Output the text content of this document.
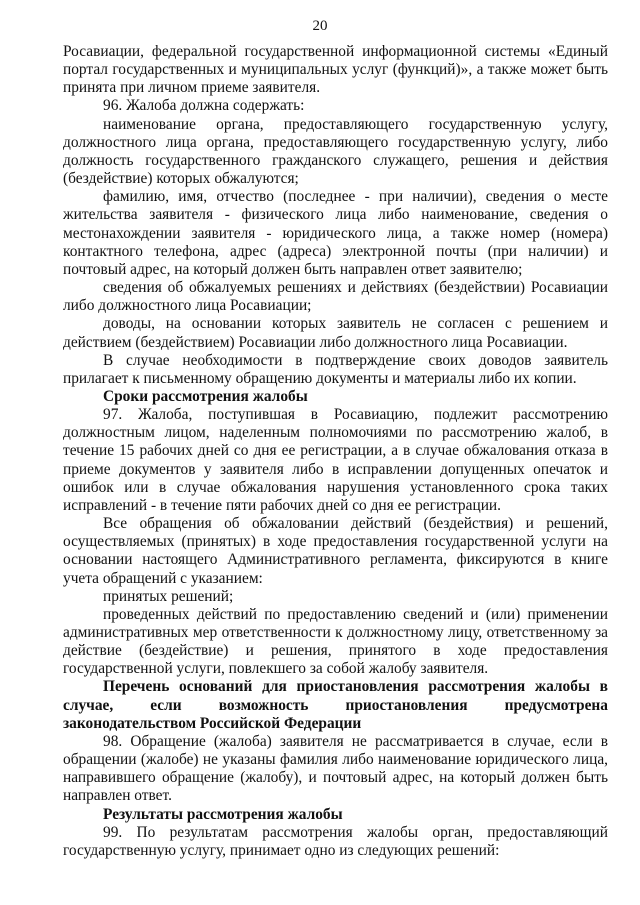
20

Росавиации, федеральной государственной информационной системы «Единый портал государственных и муниципальных услуг (функций)», а также может быть принята при личном приеме заявителя.

96. Жалоба должна содержать:

наименование органа, предоставляющего государственную услугу, должностного лица органа, предоставляющего государственную услугу, либо должность государственного гражданского служащего, решения и действия (бездействие) которых обжалуются;

фамилию, имя, отчество (последнее - при наличии), сведения о месте жительства заявителя - физического лица либо наименование, сведения о местонахождении заявителя - юридического лица, а также номер (номера) контактного телефона, адрес (адреса) электронной почты (при наличии) и почтовый адрес, на который должен быть направлен ответ заявителю;

сведения об обжалуемых решениях и действиях (бездействии) Росавиации либо должностного лица Росавиации;

доводы, на основании которых заявитель не согласен с решением и действием (бездействием) Росавиации либо должностного лица Росавиации.

В случае необходимости в подтверждение своих доводов заявитель прилагает к письменному обращению документы и материалы либо их копии.

Сроки рассмотрения жалобы

97. Жалоба, поступившая в Росавиацию, подлежит рассмотрению должностным лицом, наделенным полномочиями по рассмотрению жалоб, в течение 15 рабочих дней со дня ее регистрации, а в случае обжалования отказа в приеме документов у заявителя либо в исправлении допущенных опечаток и ошибок или в случае обжалования нарушения установленного срока таких исправлений - в течение пяти рабочих дней со дня ее регистрации.

Все обращения об обжаловании действий (бездействия) и решений, осуществляемых (принятых) в ходе предоставления государственной услуги на основании настоящего Административного регламента, фиксируются в книге учета обращений с указанием:

принятых решений;

проведенных действий по предоставлению сведений и (или) применении административных мер ответственности к должностному лицу, ответственному за действие (бездействие) и решения, принятого в ходе предоставления государственной услуги, повлекшего за собой жалобу заявителя.

Перечень оснований для приостановления рассмотрения жалобы в случае, если возможность приостановления предусмотрена законодательством Российской Федерации

98. Обращение (жалоба) заявителя не рассматривается в случае, если в обращении (жалобе) не указаны фамилия либо наименование юридического лица, направившего обращение (жалобу), и почтовый адрес, на который должен быть направлен ответ.

Результаты рассмотрения жалобы

99. По результатам рассмотрения жалобы орган, предоставляющий государственную услугу, принимает одно из следующих решений:
